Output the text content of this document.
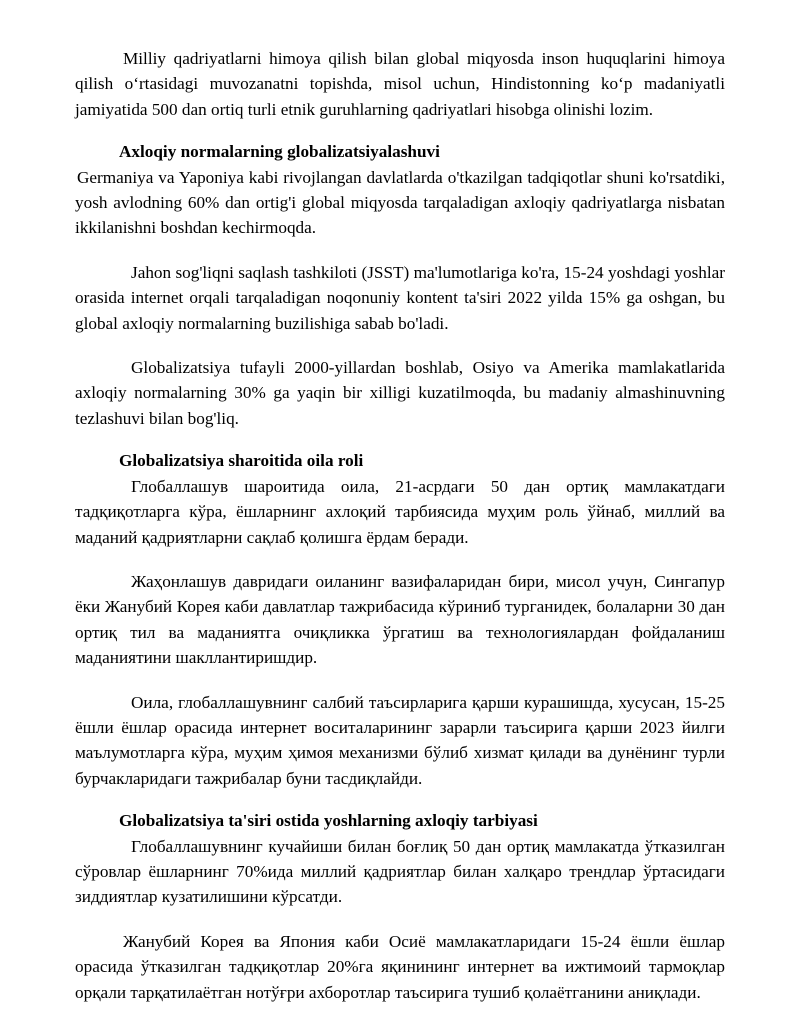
Milliy qadriyatlarni himoya qilish bilan global miqyosda inson huquqlarini himoya qilish oʻrtasidagi muvozanatni topishda, misol uchun, Hindistonning koʻp madaniyatli jamiyatida 500 dan ortiq turli etnik guruhlarning qadriyatlari hisobga olinishi lozim.

Axloqiy normalarning globalizatsiyalashuvi

Germaniya va Yaponiya kabi rivojlangan davlatlarda o'tkazilgan tadqiqotlar shuni ko'rsatdiki, yosh avlodning 60% dan ortig'i global miqyosda tarqaladigan axloqiy qadriyatlarga nisbatan ikkilanishni boshdan kechirmoqda.

Jahon sog'liqni saqlash tashkiloti (JSST) ma'lumotlariga ko'ra, 15-24 yoshdagi yoshlar orasida internet orqali tarqaladigan noqonuniy kontent ta'siri 2022 yilda 15% ga oshgan, bu global axloqiy normalarning buzilishiga sabab bo'ladi.

Globalizatsiya tufayli 2000-yillardan boshlab, Osiyo va Amerika mamlakatlarida axloqiy normalarning 30% ga yaqin bir xilligi kuzatilmoqda, bu madaniy almashinuvning tezlashuvi bilan bog'liq.

Globalizatsiya sharoitida oila roli

Глобаллашув шароитида оила, 21-асрдаги 50 дан ортиқ мамлакатдаги тадқиқотларга кўра, ёшларнинг ахлоқий тарбиясида муҳим роль ўйнаб, миллий ва маданий қадриятларни сақлаб қолишга ёрдам беради.

Жаҳонлашув давридаги оиланинг вазифаларидан бири, мисол учун, Сингапур ёки Жанубий Корея каби давлатлар тажрибасида кўриниб турганидек, болаларни 30 дан ортиқ тил ва маданиятга очиқликка ўргатиш ва технологиялардан фойдаланиш маданиятини шакллантиришдир.

Оила, глобаллашувнинг салбий таъсирларига қарши курашишда, хусусан, 15-25 ёшли ёшлар орасида интернет воситаларининг зарарли таъсирига қарши 2023 йилги маълумотларга кўра, муҳим ҳимоя механизми бўлиб хизмат қилади ва дунёнинг турли бурчакларидаги тажрибалар буни тасдиқлайди.

Globalizatsiya ta'siri ostida yoshlarning axloqiy tarbiyasi

Глобаллашувнинг кучайиши билан боғлиқ 50 дан ортиқ мамлакатда ўтказилган сўровлар ёшларнинг 70%ида миллий қадриятлар билан халқаро трендлар ўртасидаги зиддиятлар кузатилишини кўрсатди.

Жанубий Корея ва Япония каби Осиё мамлакатларидаги 15-24 ёшли ёшлар орасида ўтказилган тадқиқотлар 20%га яқинининг интернет ва ижтимоий тармоқлар орқали тарқатилаётган нотўғри ахборотлар таъсирига тушиб қолаётганини аниқлади.
